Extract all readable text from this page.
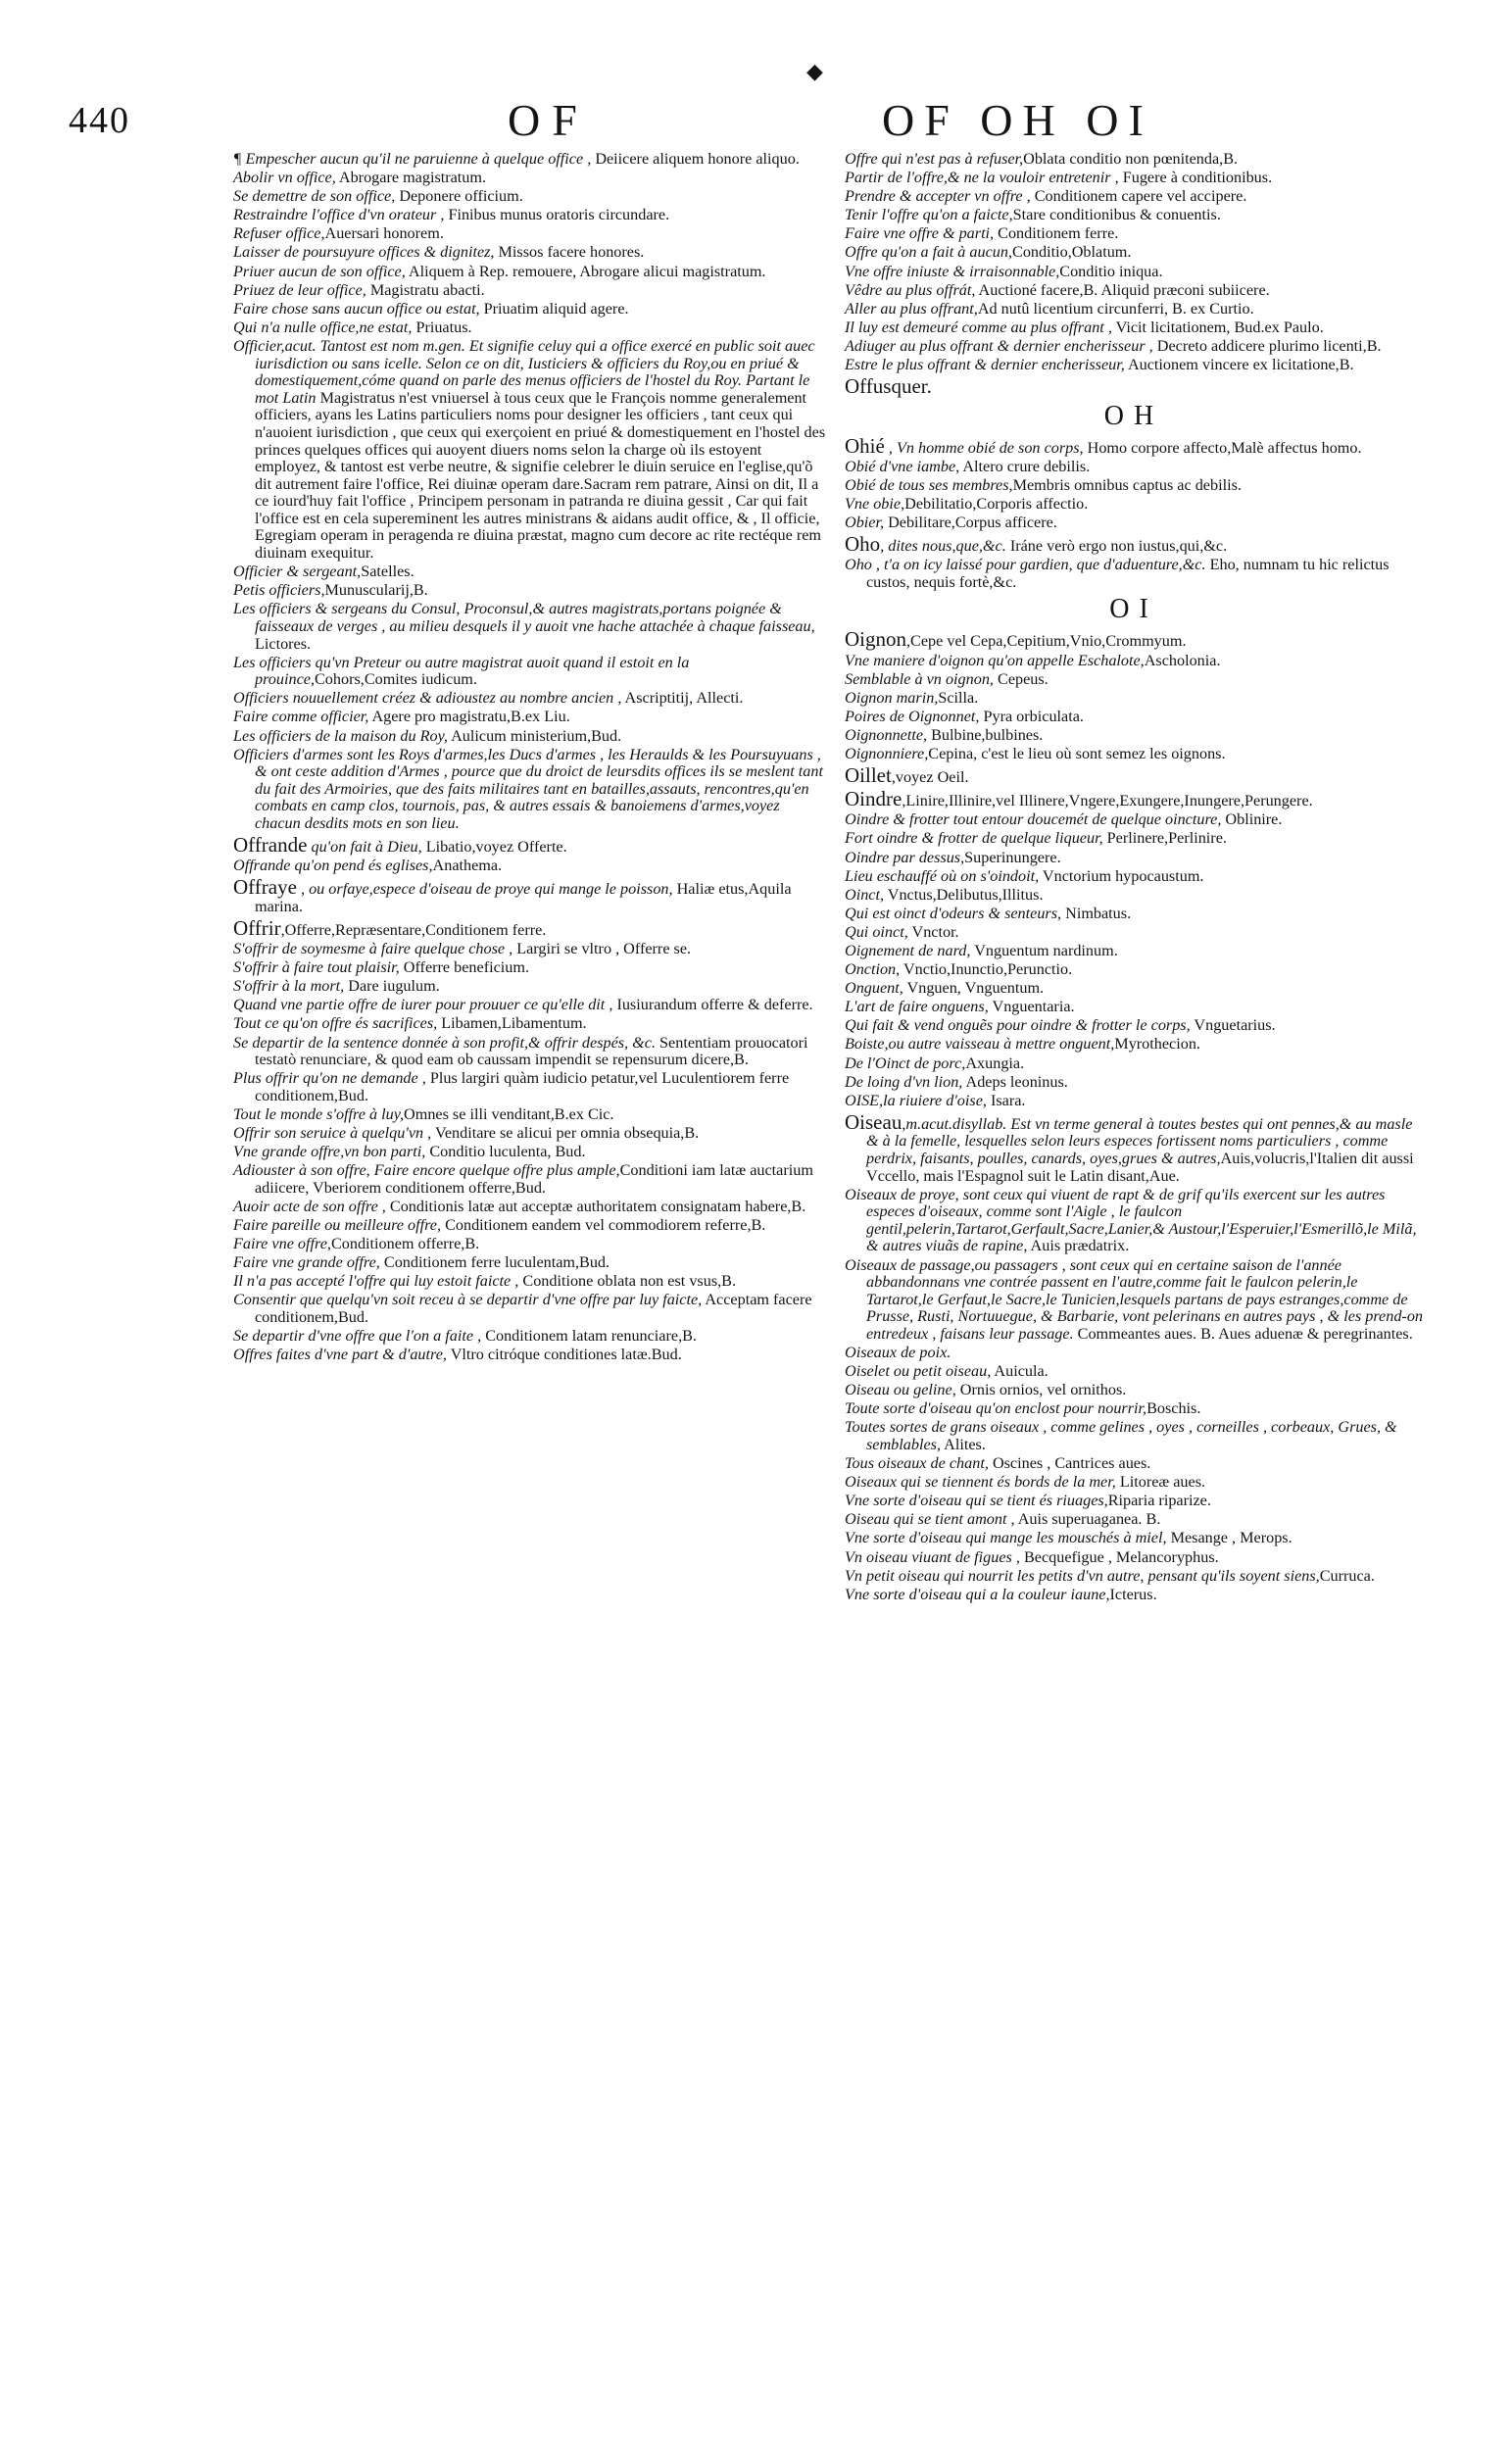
◆
440	OF	OF OH OI

¶ Empescher aucun qu'il ne paruienne à quelque office , Deiicere aliquem honore aliquo.

Abolir vn office, Abrogare magistratum.

Se demettre de son office, Deponere officium.

Restraindre l'office d'vn orateur , Finibus munus oratoris circundare.

Refuser office,Auersari honorem.

Laisser de poursuyure offices & dignitez, Missos facere honores.

Priuer aucun de son office, Aliquem à Rep. remouere, Abrogare alicui magistratum.

Priuez de leur office, Magistratu abacti.

Faire chose sans aucun office ou estat, Priuatim aliquid agere.

Qui n'a nulle office,ne estat, Priuatus.

Officier,acut. Tantost est nom m.gen. Et signifie celuy qui a office exercé en public soit auec iurisdiction ou sans icelle. Selon ce on dit, Iusticiers & officiers du Roy,ou en priué & domestiquement,cóme quand on parle des menus officiers de l'hostel du Roy. Partant le mot Latin Magistratus n'est vniuersel à tous ceux que le François nomme generalement officiers, ayans les Latins particuliers noms pour designer les officiers , tant ceux qui n'auoient iurisdiction , que ceux qui exerçoient en priué & domestiquement en l'hostel des princes quelques offices qui auoyent diuers noms selon la charge où ils estoyent employez, & tantost est verbe neutre, & signifie celebrer le diuin seruice en l'eglise,qu'õ dit autrement faire l'office, Rei diuinæ operam dare.Sacram rem patrare, Ainsi on dit, Il a ce iourd'huy fait l'office , Principem personam in patranda re diuina gessit , Car qui fait l'office est en cela supereminent les autres ministrans & aidans audit office, & , Il officie, Egregiam operam in peragenda re diuina præstat, magno cum decore ac rite rectéque rem diuinam exequitur.

Officier & sergeant,Satelles.

Petis officiers,Munuscularij,B.

Les officiers & sergeans du Consul, Proconsul,& autres magistrats,portans poignée & faisseaux de verges , au milieu desquels il y auoit vne hache attachée à chaque faisseau, Lictores.

Les officiers qu'vn Preteur ou autre magistrat auoit quand il estoit en la prouince,Cohors,Comites iudicum.

Officiers nouuellement créez & adioustez au nombre ancien , Ascriptitij, Allecti.

Faire comme officier, Agere pro magistratu,B.ex Liu.

Les officiers de la maison du Roy, Aulicum ministerium,Bud.

Officiers d'armes sont les Roys d'armes,les Ducs d'armes , les Heraulds & les Poursuyuans , & ont ceste addition d'Armes , pource que du droict de leursdits offices ils se meslent tant du fait des Armoiries, que des faits militaires tant en batailles,assauts, rencontres,qu'en combats en camp clos, tournois, pas, & autres essais & banoiemens d'armes,voyez chacun desdits mots en son lieu.

Offrande qu'on fait à Dieu, Libatio,voyez Offerte.

Offrande qu'on pend és eglises,Anathema.

Offraye , ou orfaye,espece d'oiseau de proye qui mange le poisson, Haliæ etus,Aquila marina.

Offrir,Offerre,Repræsentare,Conditionem ferre.

S'offrir de soymesme à faire quelque chose , Largiri se vltro , Offerre se.

S'offrir à faire tout plaisir, Offerre beneficium.

S'offrir à la mort, Dare iugulum.

Quand vne partie offre de iurer pour prouuer ce qu'elle dit , Iusiurandum offerre & deferre.

Tout ce qu'on offre és sacrifices, Libamen,Libamentum.

Se departir de la sentence donnée à son profit,& offrir despés, &c. Sententiam prouocatori testatò renunciare, & quod eam ob caussam impendit se repensurum dicere,B.

Plus offrir qu'on ne demande , Plus largiri quàm iudicio petatur,vel Luculentiorem ferre conditionem,Bud.

Tout le monde s'offre à luy,Omnes se illi venditant,B.ex Cic.

Offrir son seruice à quelqu'vn , Venditare se alicui per omnia obsequia,B.

Vne grande offre,vn bon parti, Conditio luculenta, Bud.

Adiouster à son offre, Faire encore quelque offre plus ample,Conditioni iam latæ auctarium adiicere, Vberiorem conditionem offerre,Bud.

Auoir acte de son offre , Conditionis latæ aut acceptæ authoritatem consignatam habere,B.

Faire pareille ou meilleure offre, Conditionem eandem vel commodiorem referre,B.

Faire vne offre,Conditionem offerre,B.

Faire vne grande offre, Conditionem ferre luculentam,Bud.

Il n'a pas accepté l'offre qui luy estoit faicte , Conditione oblata non est vsus,B.

Consentir que quelqu'vn soit receu à se departir d'vne offre par luy faicte, Acceptam facere conditionem,Bud.

Se departir d'vne offre que l'on a faite , Conditionem latam renunciare,B.

Offres faites d'vne part & d'autre, Vltro citróque conditiones latæ.Bud.

Offre qui n'est pas à refuser,Oblata conditio non pœnitenda,B.

Partir de l'offre,& ne la vouloir entretenir , Fugere à conditionibus.

Prendre & accepter vn offre , Conditionem capere vel accipere.

Tenir l'offre qu'on a faicte,Stare conditionibus & conuentis.

Faire vne offre & parti, Conditionem ferre.

Offre qu'on a fait à aucun,Conditio,Oblatum.

Vne offre iniuste & irraisonnable,Conditio iniqua.

Vêdre au plus offrát, Auctioné facere,B. Aliquid præconi subiicere.

Aller au plus offrant,Ad nutû licentium circunferri, B. ex Curtio.

Il luy est demeuré comme au plus offrant , Vicit licitationem, Bud.ex Paulo.

Adiuger au plus offrant & dernier encherisseur , Decreto addicere plurimo licenti,B.

Estre le plus offrant & dernier encherisseur, Auctionem vincere ex licitatione,B.

Offusquer.

OH

Ohié , Vn homme obié de son corps, Homo corpore affecto,Malè affectus homo.

Obié d'vne iambe, Altero crure debilis.

Obié de tous ses membres,Membris omnibus captus ac debilis.

Vne obie,Debilitatio,Corporis affectio.

Obier, Debilitare,Corpus afficere.

Oho, dites nous,que,&c. Iráne verò ergo non iustus,qui,&c.

Oho , t'a on icy laissé pour gardien, que d'aduenture,&c. Eho, numnam tu hic relictus custos, nequis fortè,&c.

OI

Oignon,Cepe vel Cepa,Cepitium,Vnio,Crommyum.

Vne maniere d'oignon qu'on appelle Eschalote,Ascholonia.

Semblable à vn oignon, Cepeus.

Oignon marin,Scilla.

Poires de Oignonnet, Pyra orbiculata.

Oignonnette, Bulbine,bulbines.

Oignonniere,Cepina, c'est le lieu où sont semez les oignons.

Oillet,voyez Oeil.

Oindre,Linire,Illinire,vel Illinere,Vngere,Exungere,Inungere,Perungere.

Oindre & frotter tout entour doucemét de quelque oincture, Oblinire.

Fort oindre & frotter de quelque liqueur, Perlinere,Perlinire.

Oindre par dessus,Superinungere.

Lieu eschauffé où on s'oindoit, Vnctorium hypocaustum.

Oinct, Vnctus,Delibutus,Illitus.

Qui est oinct d'odeurs & senteurs, Nimbatus.

Qui oinct, Vnctor.

Oignement de nard, Vnguentum nardinum.

Onction, Vnctio,Inunctio,Perunctio.

Onguent, Vnguen, Vnguentum.

L'art de faire onguens, Vnguentaria.

Qui fait & vend onguẽs pour oindre & frotter le corps, Vnguetarius.

Boiste,ou autre vaisseau à mettre onguent,Myrothecion.

De l'Oinct de porc,Axungia.

De loing d'vn lion, Adeps leoninus.

OISE,la riuiere d'oise, Isara.

Oiseau,m.acut.disyllab. Est vn terme general à toutes bestes qui ont pennes,& au masle & à la femelle, lesquelles selon leurs especes fortissent noms particuliers , comme perdrix, faisants, poulles, canards, oyes,grues & autres,Auis,volucris,l'Italien dit aussi Vccello, mais l'Espagnol suit le Latin disant,Aue.

Oiseaux de proye, sont ceux qui viuent de rapt & de grif qu'ils exercent sur les autres especes d'oiseaux, comme sont l'Aigle , le faulcon gentil,pelerin,Tartarot,Gerfault,Sacre,Lanier,& Austour,l'Esperuier,l'Esmerillõ,le Milã, & autres viuãs de rapine, Auis prædatrix.

Oiseaux de passage,ou passagers , sont ceux qui en certaine saison de l'année abbandonnans vne contrée passent en l'autre,comme fait le faulcon pelerin,le Tartarot,le Gerfaut,le Sacre,le Tunicien,lesquels partans de pays estranges,comme de Prusse, Rusti, Nortuuegue, & Barbarie, vont pelerinans en autres pays , & les prend-on entredeux , faisans leur passage. Commeantes aues. B. Aues aduenæ & peregrinantes.

Oiseaux de poix.

Oiselet ou petit oiseau, Auicula.

Oiseau ou geline, Ornis ornios, vel ornithos.

Toute sorte d'oiseau qu'on enclost pour nourrir,Boschis.

Toutes sortes de grans oiseaux , comme gelines , oyes , corneilles , corbeaux, Grues, & semblables, Alites.

Tous oiseaux de chant, Oscines , Cantrices aues.

Oiseaux qui se tiennent és bords de la mer, Litoreæ aues.

Vne sorte d'oiseau qui se tient és riuages,Riparia riparize.

Oiseau qui se tient amont , Auis superuaganea. B.

Vne sorte d'oiseau qui mange les mouschés à miel, Mesange , Merops.

Vn oiseau viuant de figues , Becquefigue , Melancoryphus.

Vn petit oiseau qui nourrit les petits d'vn autre, pensant qu'ils soyent siens,Curruca.

Vne sorte d'oiseau qui a la couleur iaune,Icterus.
